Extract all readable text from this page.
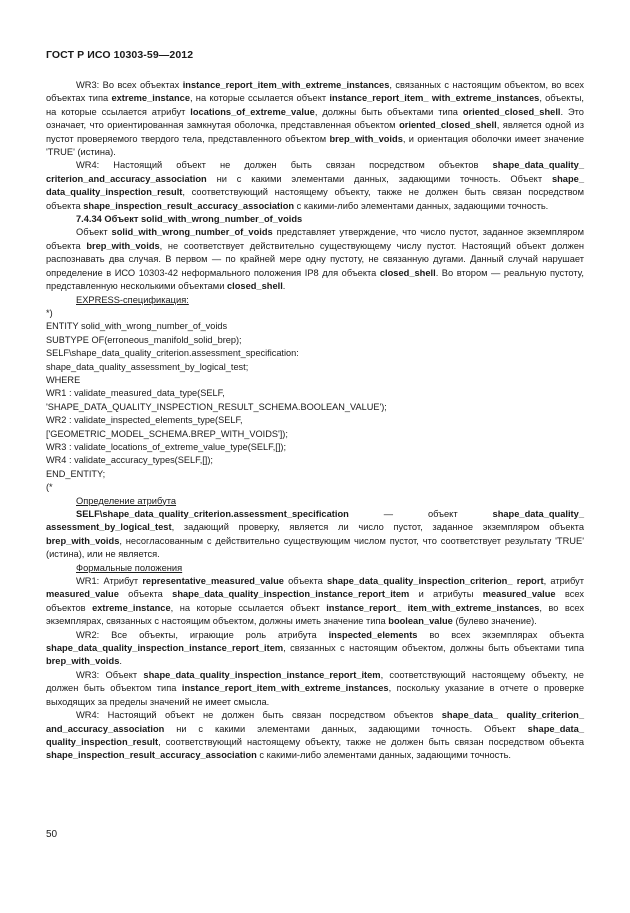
ГОСТ Р ИСО 10303-59—2012

WR3: Во всех объектах instance_report_item_with_extreme_instances, связанных с настоящим объектом, во всех объектах типа extreme_instance, на которые ссылается объект instance_report_item_ with_extreme_instances, объекты, на которые ссылается атрибут locations_of_extreme_value, должны быть объектами типа oriented_closed_shell. Это означает, что ориентированная замкнутая оболочка, представленная объектом oriented_closed_shell, является одной из пустот проверяемого твердого тела, представленного объектом brep_with_voids, и ориентация оболочки имеет значение 'TRUE' (истина).

WR4: Настоящий объект не должен быть связан посредством объектов shape_data_quality_ criterion_and_accuracy_association ни с какими элементами данных, задающими точность. Объект shape_ data_quality_inspection_result, соответствующий настоящему объекту, также не должен быть связан посредством объекта shape_inspection_result_accuracy_association с какими-либо элементами данных, задающими точность.

7.4.34 Объект solid_with_wrong_number_of_voids

Объект solid_with_wrong_number_of_voids представляет утверждение, что число пустот, заданное экземпляром объекта brep_with_voids, не соответствует действительно существующему числу пустот. Настоящий объект должен распознавать два случая. В первом — по крайней мере одну пустоту, не связанную дугами. Данный случай нарушает определение в ИСО 10303-42 неформального положения IP8 для объекта closed_shell. Во втором — реальную пустоту, представленную несколькими объектами closed_shell.

EXPRESS-спецификация:

*)

ENTITY solid_with_wrong_number_of_voids

SUBTYPE OF(erroneous_manifold_solid_brep);

SELF\shape_data_quality_criterion.assessment_specification:

shape_data_quality_assessment_by_logical_test;

WHERE

WR1 : validate_measured_data_type(SELF,

'SHAPE_DATA_QUALITY_INSPECTION_RESULT_SCHEMA.BOOLEAN_VALUE');

WR2 : validate_inspected_elements_type(SELF,

['GEOMETRIC_MODEL_SCHEMA.BREP_WITH_VOIDS']);

WR3 : validate_locations_of_extreme_value_type(SELF,[]);

WR4 : validate_accuracy_types(SELF,[]);

END_ENTITY;

(*

Определение атрибута

SELF\shape_data_quality_criterion.assessment_specification — объект shape_data_quality_ assessment_by_logical_test, задающий проверку, является ли число пустот, заданное экземпляром объекта brep_with_voids, несогласованным с действительно существующим числом пустот, что соответствует результату 'TRUE' (истина), или не является.

Формальные положения

WR1: Атрибут representative_measured_value объекта shape_data_quality_inspection_criterion_ report, атрибут measured_value объекта shape_data_quality_inspection_instance_report_item и атрибуты measured_value всех объектов extreme_instance, на которые ссылается объект instance_report_ item_with_extreme_instances, во всех экземплярах, связанных с настоящим объектом, должны иметь значение типа boolean_value (булево значение).

WR2: Все объекты, играющие роль атрибута inspected_elements во всех экземплярах объекта shape_data_quality_inspection_instance_report_item, связанных с настоящим объектом, должны быть объектами типа brep_with_voids.

WR3: Объект shape_data_quality_inspection_instance_report_item, соответствующий настоящему объекту, не должен быть объектом типа instance_report_item_with_extreme_instances, поскольку указание в отчете о проверке выходящих за пределы значений не имеет смысла.

WR4: Настоящий объект не должен быть связан посредством объектов shape_data_ quality_criterion_ and_accuracy_association ни с какими элементами данных, задающими точность. Объект shape_data_ quality_inspection_result, соответствующий настоящему объекту, также не должен быть связан посредством объекта shape_inspection_result_accuracy_association с какими-либо элементами данных, задающими точность.

50
